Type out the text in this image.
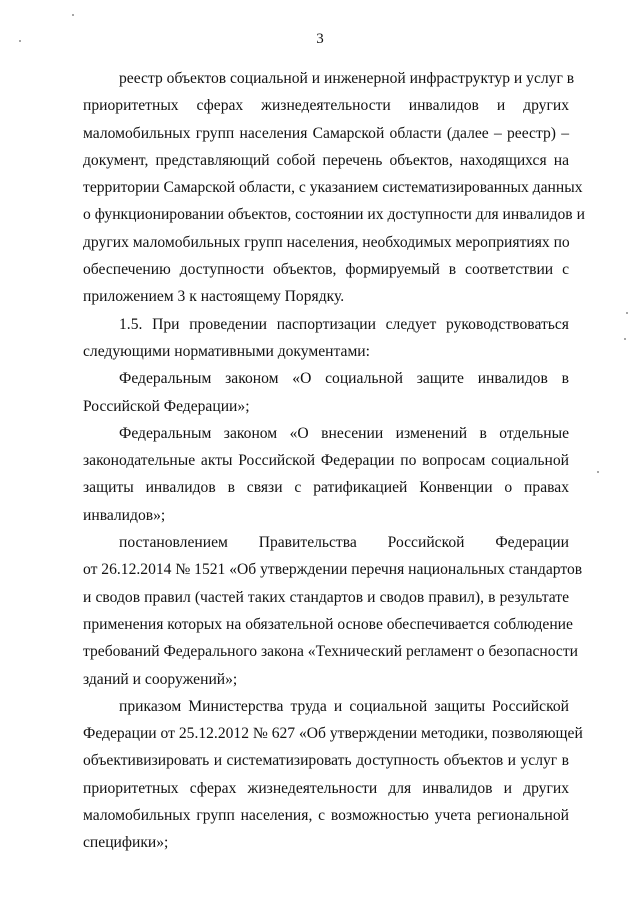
3
реестр объектов социальной и инженерной инфраструктур и услуг в
приоритетных сферах жизнедеятельности инвалидов и других
маломобильных групп населения Самарской области (далее – реестр) –
документ, представляющий собой перечень объектов, находящихся на
территории Самарской области, с указанием систематизированных данных
о функционировании объектов, состоянии их доступности для инвалидов и
других маломобильных групп населения, необходимых мероприятиях по
обеспечению доступности объектов, формируемый в соответствии с
приложением 3 к настоящему Порядку.
1.5. При проведении паспортизации следует руководствоваться
следующими нормативными документами:
Федеральным законом «О социальной защите инвалидов в
Российской Федерации»;
Федеральным законом «О внесении изменений в отдельные
законодательные акты Российской Федерации по вопросам социальной
защиты инвалидов в связи с ратификацией Конвенции о правах
инвалидов»;
постановлением Правительства Российской Федерации
от 26.12.2014 № 1521 «Об утверждении перечня национальных стандартов
и сводов правил (частей таких стандартов и сводов правил), в результате
применения которых на обязательной основе обеспечивается соблюдение
требований Федерального закона «Технический регламент о безопасности
зданий и сооружений»;
приказом Министерства труда и социальной защиты Российской
Федерации от 25.12.2012 № 627 «Об утверждении методики, позволяющей
объективизировать и систематизировать доступность объектов и услуг в
приоритетных сферах жизнедеятельности для инвалидов и других
маломобильных групп населения, с возможностью учета региональной
специфики»;
